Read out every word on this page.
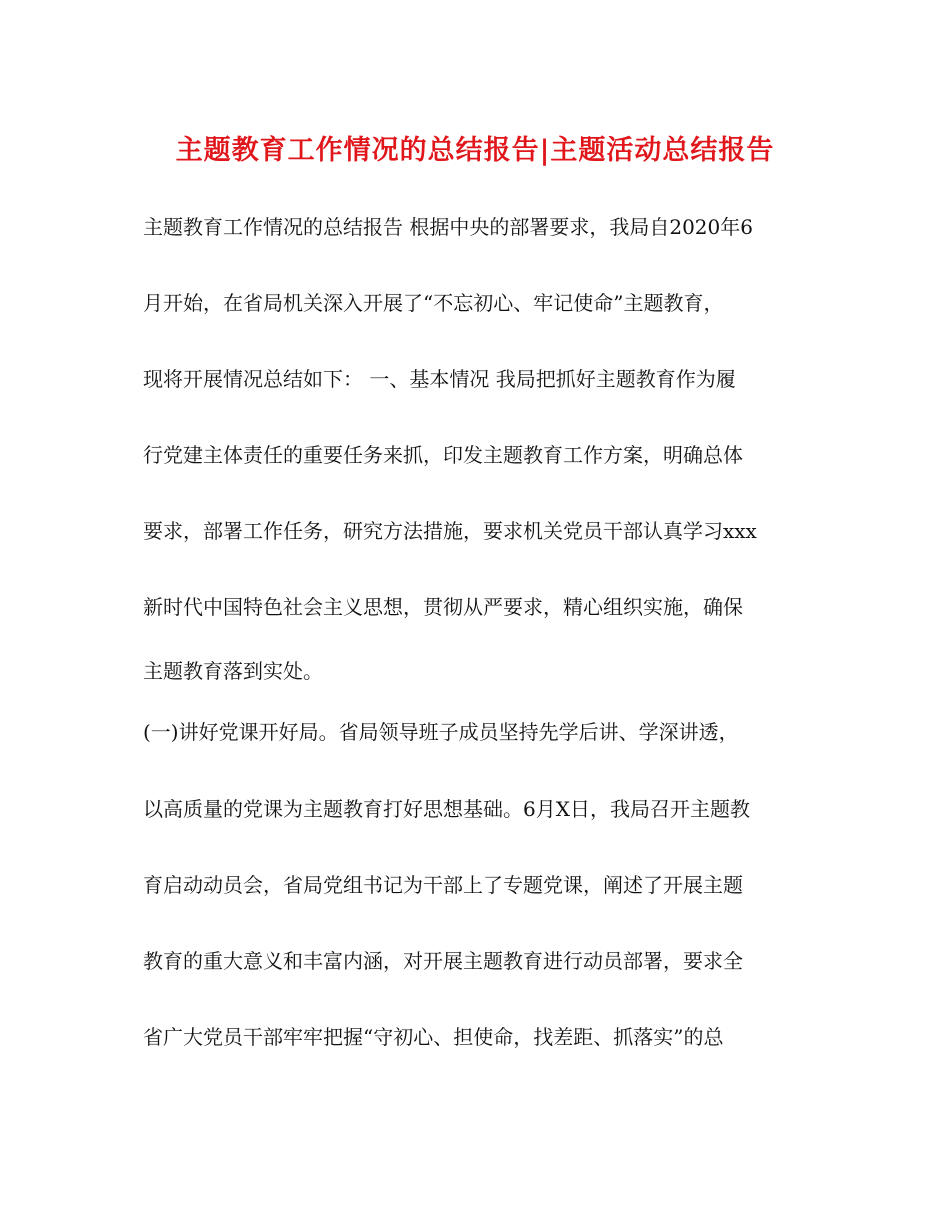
主题教育工作情况的总结报告|主题活动总结报告
主题教育工作情况的总结报告 根据中央的部署要求，我局自2020年6
月开始，在省局机关深入开展了“不忘初心、牢记使命”主题教育，
现将开展情况总结如下： 一、基本情况 我局把抓好主题教育作为履
行党建主体责任的重要任务来抓，印发主题教育工作方案，明确总体
要求，部署工作任务，研究方法措施，要求机关党员干部认真学习xxx
新时代中国特色社会主义思想，贯彻从严要求，精心组织实施，确保
主题教育落到实处。
(一)讲好党课开好局。省局领导班子成员坚持先学后讲、学深讲透，
以高质量的党课为主题教育打好思想基础。6月X日，我局召开主题教
育启动动员会，省局党组书记为干部上了专题党课，阐述了开展主题
教育的重大意义和丰富内涵，对开展主题教育进行动员部署，要求全
省广大党员干部牢牢把握“守初心、担使命，找差距、抓落实”的总
